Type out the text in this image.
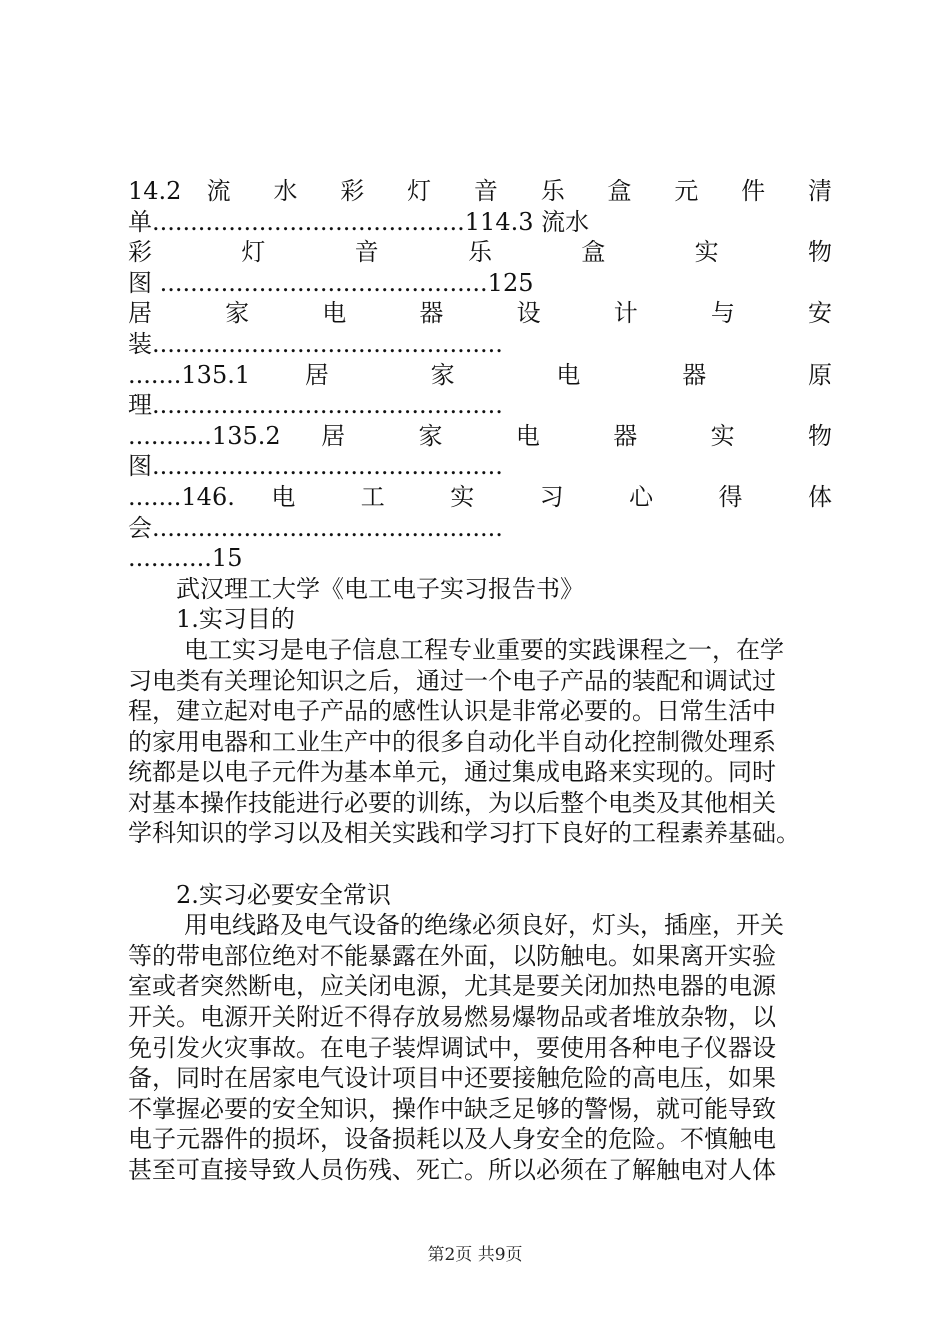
14.2 流 水 彩 灯 音 乐 盒 元 件 清
单.........................................114.3 流水
彩 灯 音 乐 盒 实 物
图 ...........................................125
居 家 电 器 设 计 与 安
装..............................................
.......135.1 居 家 电 器 原
理..............................................
...........135.2 居 家 电 器 实 物
图..............................................
.......146. 电 工 实 习 心 得 体
会..............................................
...........15
武汉理工大学《电工电子实习报告书》
1.实习目的
电工实习是电子信息工程专业重要的实践课程之一，在学
习电类有关理论知识之后，通过一个电子产品的装配和调试过
程，建立起对电子产品的感性认识是非常必要的。日常生活中
的家用电器和工业生产中的很多自动化半自动化控制微处理系
统都是以电子元件为基本单元，通过集成电路来实现的。同时
对基本操作技能进行必要的训练，为以后整个电类及其他相关
学科知识的学习以及相关实践和学习打下良好的工程素养基础。
2.实习必要安全常识
用电线路及电气设备的绝缘必须良好，灯头，插座，开关
等的带电部位绝对不能暴露在外面，以防触电。如果离开实验
室或者突然断电，应关闭电源，尤其是要关闭加热电器的电源
开关。电源开关附近不得存放易燃易爆物品或者堆放杂物，以
免引发火灾事故。在电子装焊调试中，要使用各种电子仪器设
备，同时在居家电气设计项目中还要接触危险的高电压，如果
不掌握必要的安全知识，操作中缺乏足够的警惕，就可能导致
电子元器件的损坏，设备损耗以及人身安全的危险。不慎触电
甚至可直接导致人员伤残、死亡。所以必须在了解触电对人体
第2页 共9页
